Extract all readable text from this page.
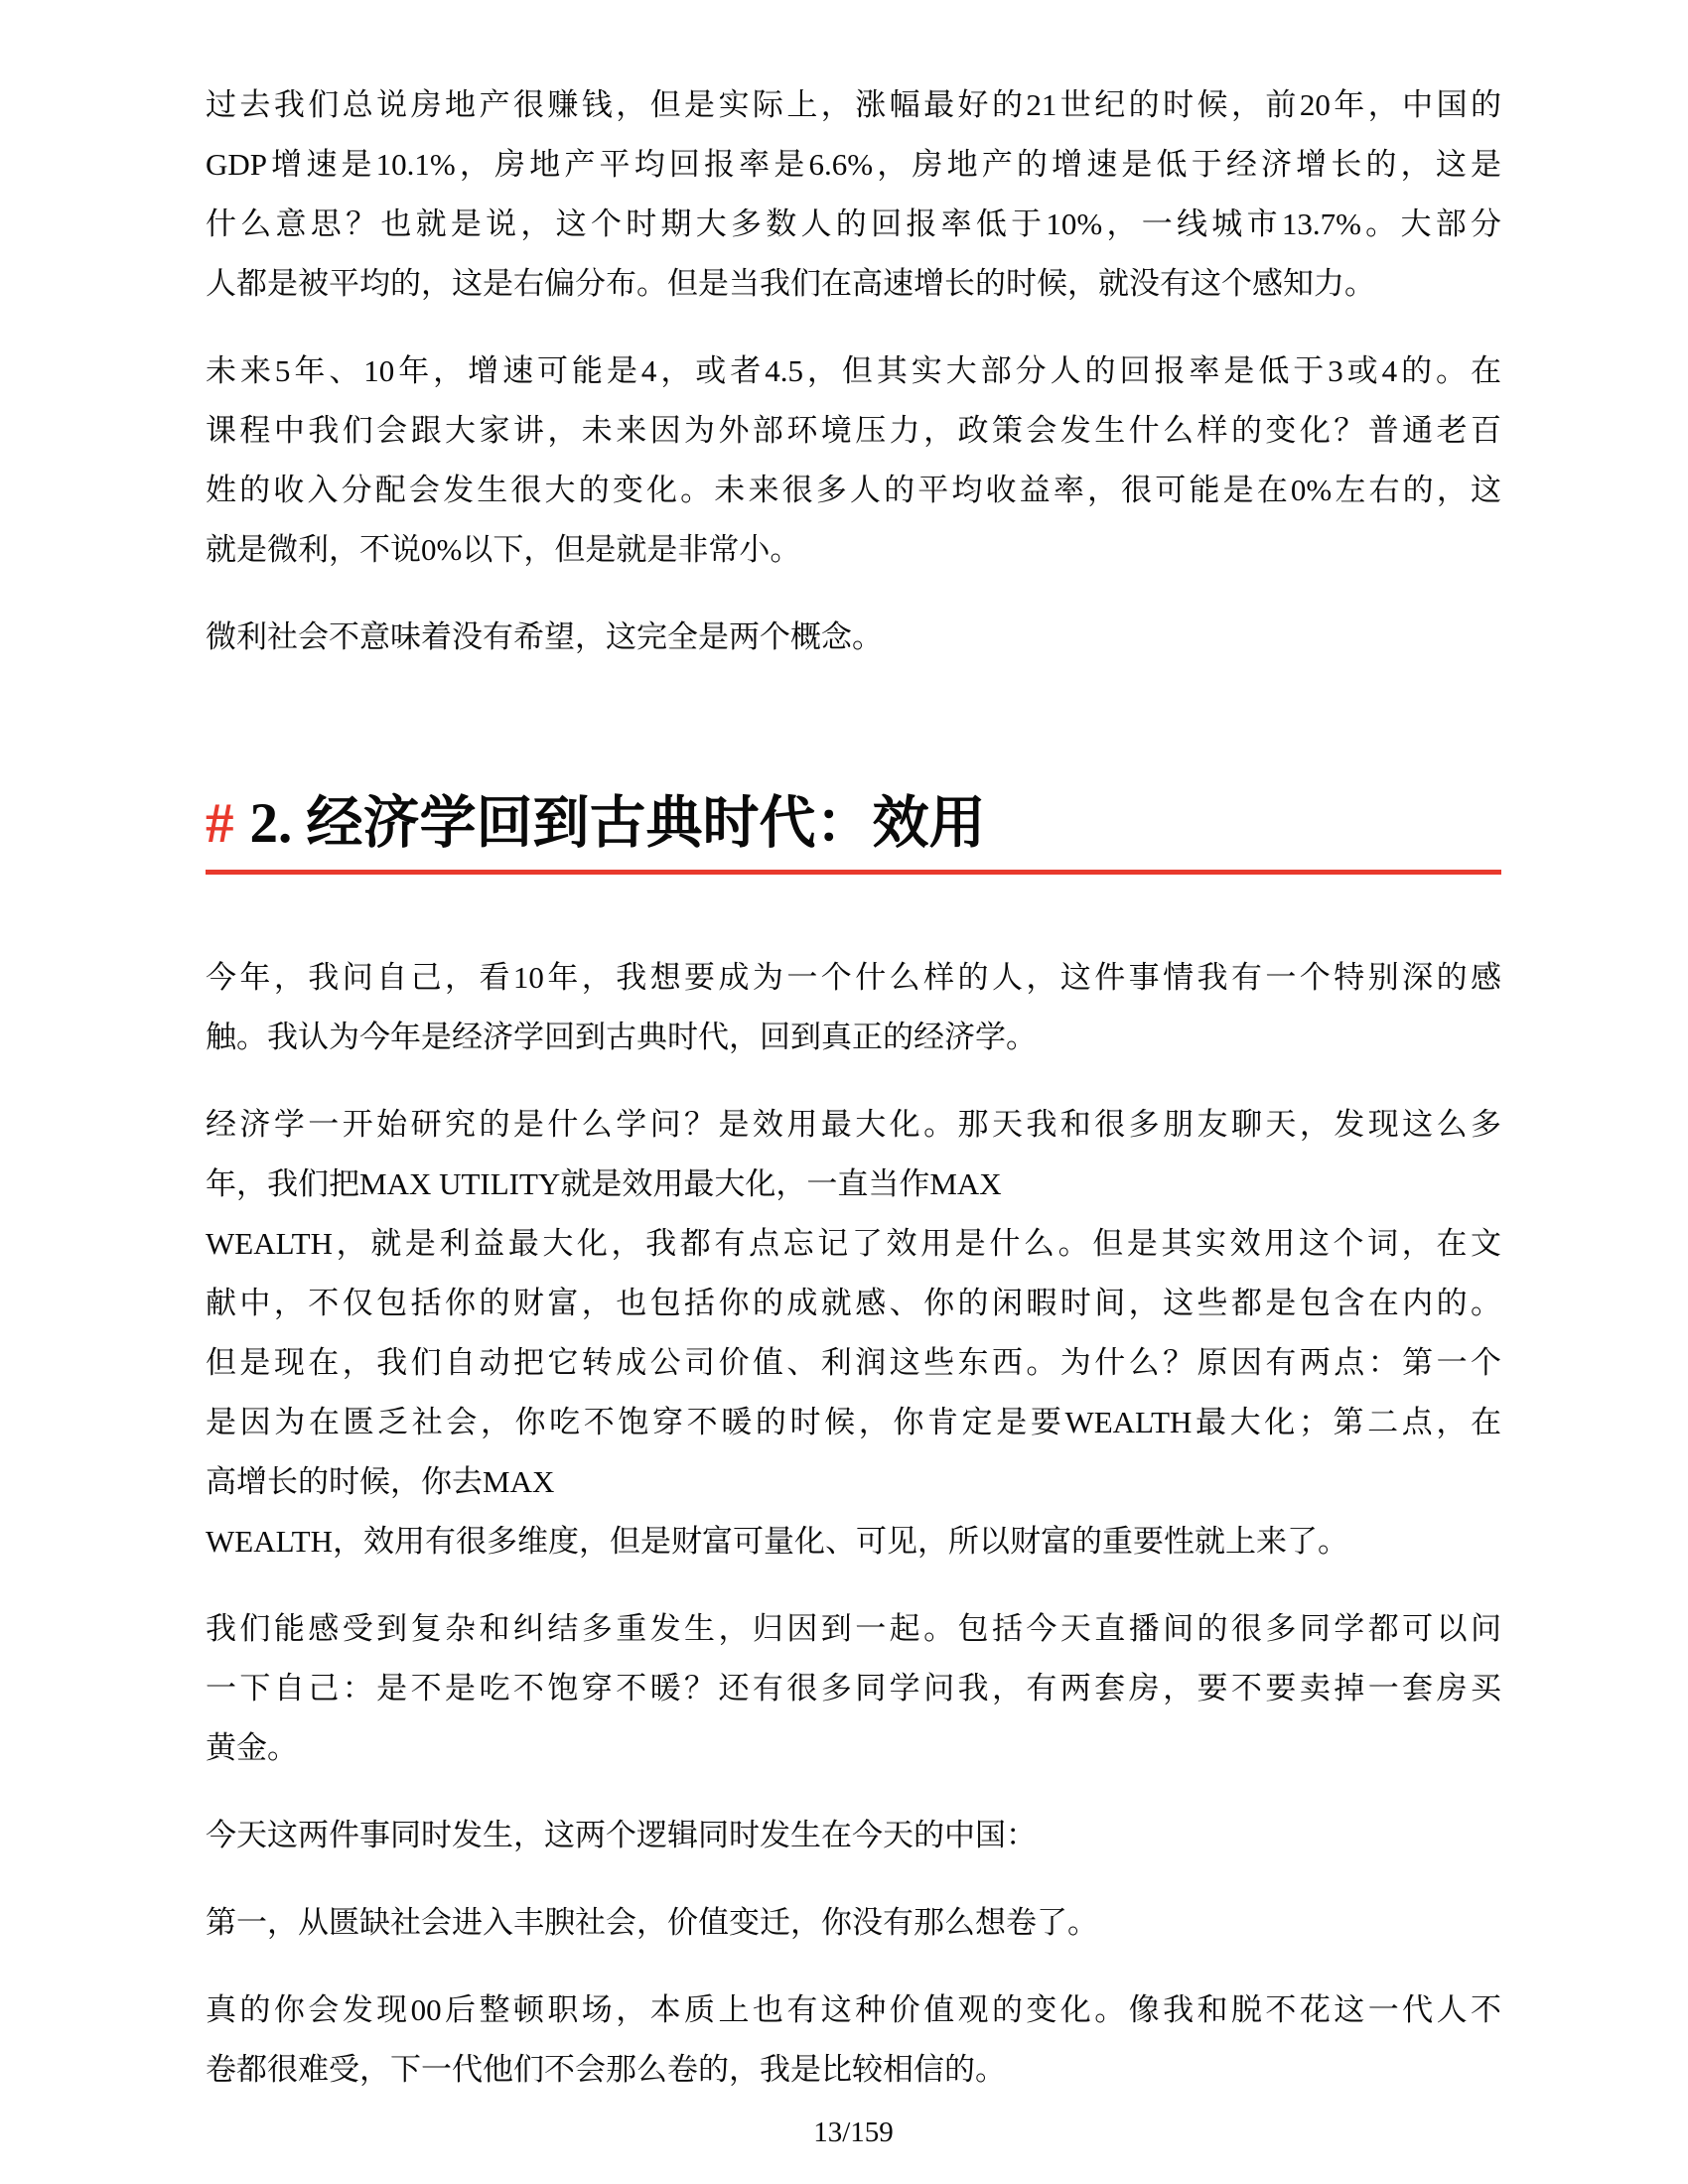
过去我们总说房地产很赚钱，但是实际上，涨幅最好的21世纪的时候，前20年，中国的
GDP增速是10.1%，房地产平均回报率是6.6%，房地产的增速是低于经济增长的，这是
什么意思？也就是说，这个时期大多数人的回报率低于10%，一线城市13.7%。大部分
人都是被平均的，这是右偏分布。但是当我们在高速增长的时候，就没有这个感知力。

未来5年、10年，增速可能是4，或者4.5，但其实大部分人的回报率是低于3或4的。在
课程中我们会跟大家讲，未来因为外部环境压力，政策会发生什么样的变化？普通老百
姓的收入分配会发生很大的变化。未来很多人的平均收益率，很可能是在0%左右的，这
就是微利，不说0%以下，但是就是非常小。

微利社会不意味着没有希望，这完全是两个概念。

# 2. 经济学回到古典时代：效用

今年，我问自己，看10年，我想要成为一个什么样的人，这件事情我有一个特别深的感
触。我认为今年是经济学回到古典时代，回到真正的经济学。

经济学一开始研究的是什么学问？是效用最大化。那天我和很多朋友聊天，发现这么多
年，我们把MAX UTILITY就是效用最大化，一直当作MAX
WEALTH，就是利益最大化，我都有点忘记了效用是什么。但是其实效用这个词，在文
献中，不仅包括你的财富，也包括你的成就感、你的闲暇时间，这些都是包含在内的。
但是现在，我们自动把它转成公司价值、利润这些东西。为什么？原因有两点：第一个
是因为在匮乏社会，你吃不饱穿不暖的时候，你肯定是要WEALTH最大化；第二点，在
高增长的时候，你去MAX
WEALTH，效用有很多维度，但是财富可量化、可见，所以财富的重要性就上来了。

我们能感受到复杂和纠结多重发生，归因到一起。包括今天直播间的很多同学都可以问
一下自己：是不是吃不饱穿不暖？还有很多同学问我，有两套房，要不要卖掉一套房买
黄金。

今天这两件事同时发生，这两个逻辑同时发生在今天的中国：

第一，从匮缺社会进入丰腴社会，价值变迁，你没有那么想卷了。

真的你会发现00后整顿职场，本质上也有这种价值观的变化。像我和脱不花这一代人不
卷都很难受，下一代他们不会那么卷的，我是比较相信的。

13/159
